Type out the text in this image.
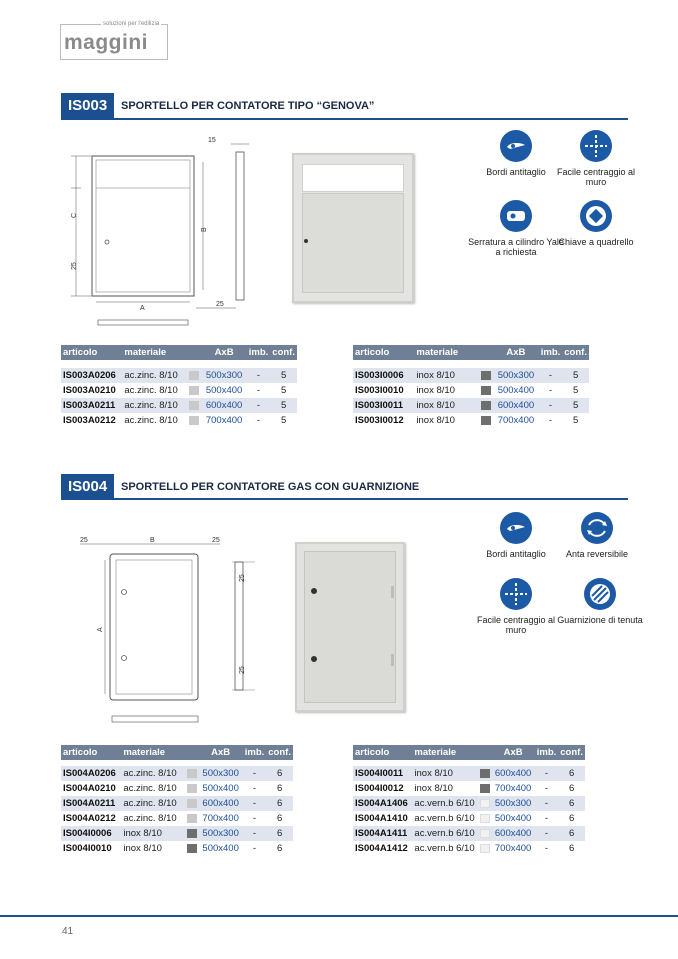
soluzioni per l'edilizia
maggini
IS003	SPORTELLO PER CONTATORE TIPO “GENOVA”
C
25
A
B
15
25
Bordi antitaglio	Facile centraggio al muro
Serratura a cilindro Yale a richiesta
Chiave a quadrello
articolo	materiale		AxB	imb.	conf.

IS003A0206	ac.zinc. 8/10		500x300	-	5
IS003A0210	ac.zinc. 8/10		500x400	-	5
IS003A0211	ac.zinc. 8/10		600x400	-	5
IS003A0212	ac.zinc. 8/10		700x400	-	5
articolo	materiale		AxB	imb.	conf.

IS003I0006	inox 8/10		500x300	-	5
IS003I0010	inox 8/10		500x400	-	5
IS003I0011	inox 8/10		600x400	-	5
IS003I0012	inox 8/10		700x400	-	5
IS004	SPORTELLO PER CONTATORE GAS CON GUARNIZIONE
25	B	25
A
25
25
Bordi antitaglio	Anta reversibile
Facile centraggio al muro
Guarnizione di tenuta
articolo	materiale		AxB	imb.	conf.

IS004A0206	ac.zinc. 8/10		500x300	-	6
IS004A0210	ac.zinc. 8/10		500x400	-	6
IS004A0211	ac.zinc. 8/10		600x400	-	6
IS004A0212	ac.zinc. 8/10		700x400	-	6
IS004I0006	inox 8/10		500x300	-	6
IS004I0010	inox 8/10		500x400	-	6
articolo	materiale		AxB	imb.	conf.

IS004I0011	inox 8/10		600x400	-	6
IS004I0012	inox 8/10		700x400	-	6
IS004A1406	ac.vern.b 6/10		500x300	-	6
IS004A1410	ac.vern.b 6/10		500x400	-	6
IS004A1411	ac.vern.b 6/10		600x400	-	6
IS004A1412	ac.vern.b 6/10		700x400	-	6
41
